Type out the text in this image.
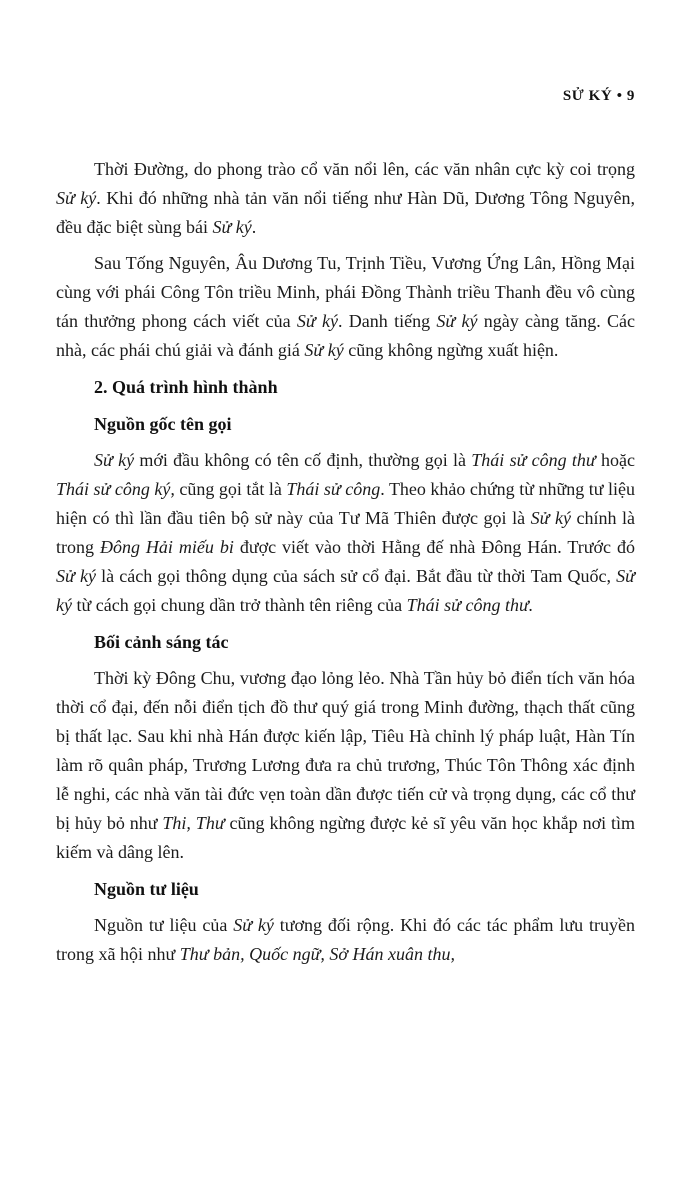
SỬ KÝ • 9

Thời Đường, do phong trào cổ văn nổi lên, các văn nhân cực kỳ coi trọng Sử ký. Khi đó những nhà tản văn nổi tiếng như Hàn Dũ, Dương Tông Nguyên, đều đặc biệt sùng bái Sử ký.

Sau Tống Nguyên, Âu Dương Tu, Trịnh Tiều, Vương Ứng Lân, Hồng Mại cùng với phái Công Tôn triều Minh, phái Đồng Thành triều Thanh đều vô cùng tán thưởng phong cách viết của Sử ký. Danh tiếng Sử ký ngày càng tăng. Các nhà, các phái chú giải và đánh giá Sử ký cũng không ngừng xuất hiện.

2. Quá trình hình thành
Nguồn gốc tên gọi

Sử ký mới đầu không có tên cố định, thường gọi là Thái sử công thư hoặc Thái sử công ký, cũng gọi tắt là Thái sử công. Theo khảo chứng từ những tư liệu hiện có thì lần đầu tiên bộ sử này của Tư Mã Thiên được gọi là Sử ký chính là trong Đông Hải miếu bi được viết vào thời Hằng đế nhà Đông Hán. Trước đó Sử ký là cách gọi thông dụng của sách sử cổ đại. Bắt đầu từ thời Tam Quốc, Sử ký từ cách gọi chung dần trở thành tên riêng của Thái sử công thư.

Bối cảnh sáng tác

Thời kỳ Đông Chu, vương đạo lỏng lẻo. Nhà Tần hủy bỏ điển tích văn hóa thời cổ đại, đến nỗi điển tịch đồ thư quý giá trong Minh đường, thạch thất cũng bị thất lạc. Sau khi nhà Hán được kiến lập, Tiêu Hà chỉnh lý pháp luật, Hàn Tín làm rõ quân pháp, Trương Lương đưa ra chủ trương, Thúc Tôn Thông xác định lễ nghi, các nhà văn tài đức vẹn toàn dần được tiến cử và trọng dụng, các cổ thư bị hủy bỏ như Thi, Thư cũng không ngừng được kẻ sĩ yêu văn học khắp nơi tìm kiếm và dâng lên.

Nguồn tư liệu

Nguồn tư liệu của Sử ký tương đối rộng. Khi đó các tác phẩm lưu truyền trong xã hội như Thư bản, Quốc ngữ, Sở Hán xuân thu,
